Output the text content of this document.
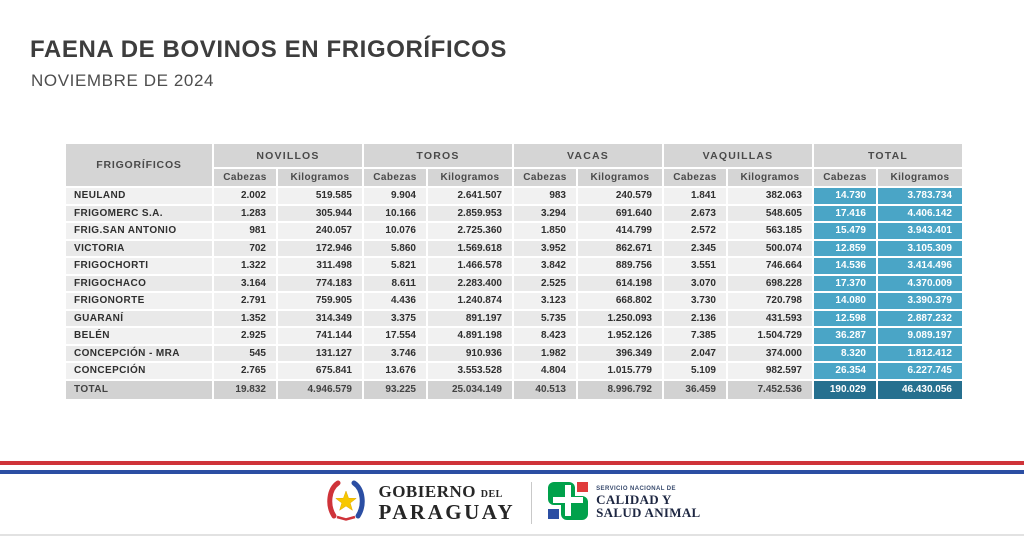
FAENA DE BOVINOS EN FRIGORÍFICOS
NOVIEMBRE DE 2024
FRIGORÍFICOS	NOVILLOS		TOROS		VACAS		VAQUILLAS		TOTAL	
	Cabezas	Kilogramos	Cabezas	Kilogramos	Cabezas	Kilogramos	Cabezas	Kilogramos	Cabezas	Kilogramos
NEULAND	2.002	519.585	9.904	2.641.507	983	240.579	1.841	382.063	14.730	3.783.734
FRIGOMERC S.A.	1.283	305.944	10.166	2.859.953	3.294	691.640	2.673	548.605	17.416	4.406.142
FRIG.SAN ANTONIO	981	240.057	10.076	2.725.360	1.850	414.799	2.572	563.185	15.479	3.943.401
VICTORIA	702	172.946	5.860	1.569.618	3.952	862.671	2.345	500.074	12.859	3.105.309
FRIGOCHORTI	1.322	311.498	5.821	1.466.578	3.842	889.756	3.551	746.664	14.536	3.414.496
FRIGOCHACO	3.164	774.183	8.611	2.283.400	2.525	614.198	3.070	698.228	17.370	4.370.009
FRIGONORTE	2.791	759.905	4.436	1.240.874	3.123	668.802	3.730	720.798	14.080	3.390.379
GUARANÍ	1.352	314.349	3.375	891.197	5.735	1.250.093	2.136	431.593	12.598	2.887.232
BELÉN	2.925	741.144	17.554	4.891.198	8.423	1.952.126	7.385	1.504.729	36.287	9.089.197
CONCEPCIÓN - MRA	545	131.127	3.746	910.936	1.982	396.349	2.047	374.000	8.320	1.812.412
CONCEPCIÓN	2.765	675.841	13.676	3.553.528	4.804	1.015.779	5.109	982.597	26.354	6.227.745
TOTAL	19.832	4.946.579	93.225	25.034.149	40.513	8.996.792	36.459	7.452.536	190.029	46.430.056
GOBIERNO DEL
PARAGUAY
SERVICIO NACIONAL DE
CALIDAD Y
SALUD ANIMAL
